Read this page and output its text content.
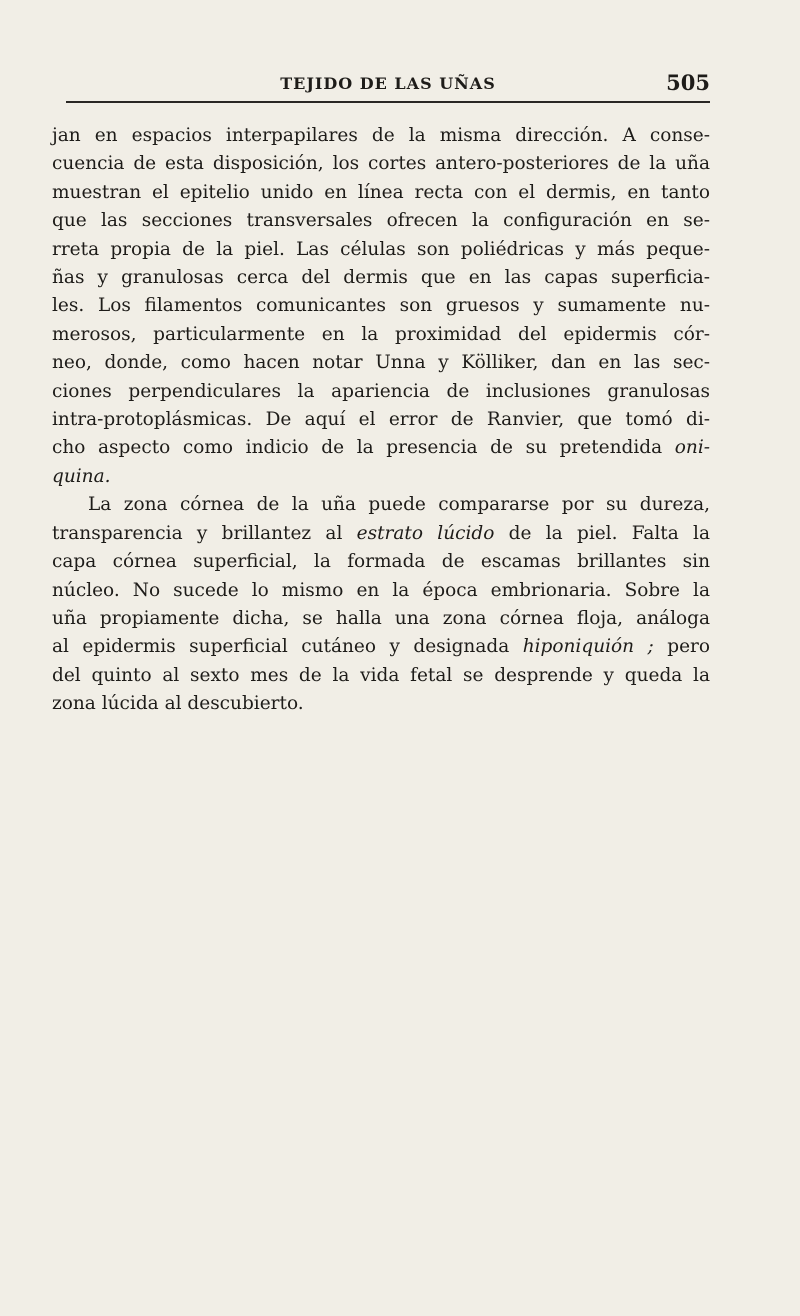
TEJIDO DE LAS UÑAS	505
jan en espacios interpapilares de la misma dirección. A conse-
cuencia de esta disposición, los cortes antero-posteriores de la uña
muestran el epitelio unido en línea recta con el dermis, en tanto
que las secciones transversales ofrecen la configuración en se-
rreta propia de la piel. Las células son poliédricas y más peque-
ñas y granulosas cerca del dermis que en las capas superficia-
les. Los filamentos comunicantes son gruesos y sumamente nu-
merosos, particularmente en la proximidad del epidermis cór-
neo, donde, como hacen notar Unna y Kölliker, dan en las sec-
ciones perpendiculares la apariencia de inclusiones granulosas
intra-protoplásmicas. De aquí el error de Ranvier, que tomó di-
cho aspecto como indicio de la presencia de su pretendida oni-
quina.
La zona córnea de la uña puede compararse por su dureza,
transparencia y brillantez al estrato lúcido de la piel. Falta la
capa córnea superficial, la formada de escamas brillantes sin
núcleo. No sucede lo mismo en la época embrionaria. Sobre la
uña propiamente dicha, se halla una zona córnea floja, análoga
al epidermis superficial cutáneo y designada hiponiquión ; pero
del quinto al sexto mes de la vida fetal se desprende y queda la
zona lúcida al descubierto.
